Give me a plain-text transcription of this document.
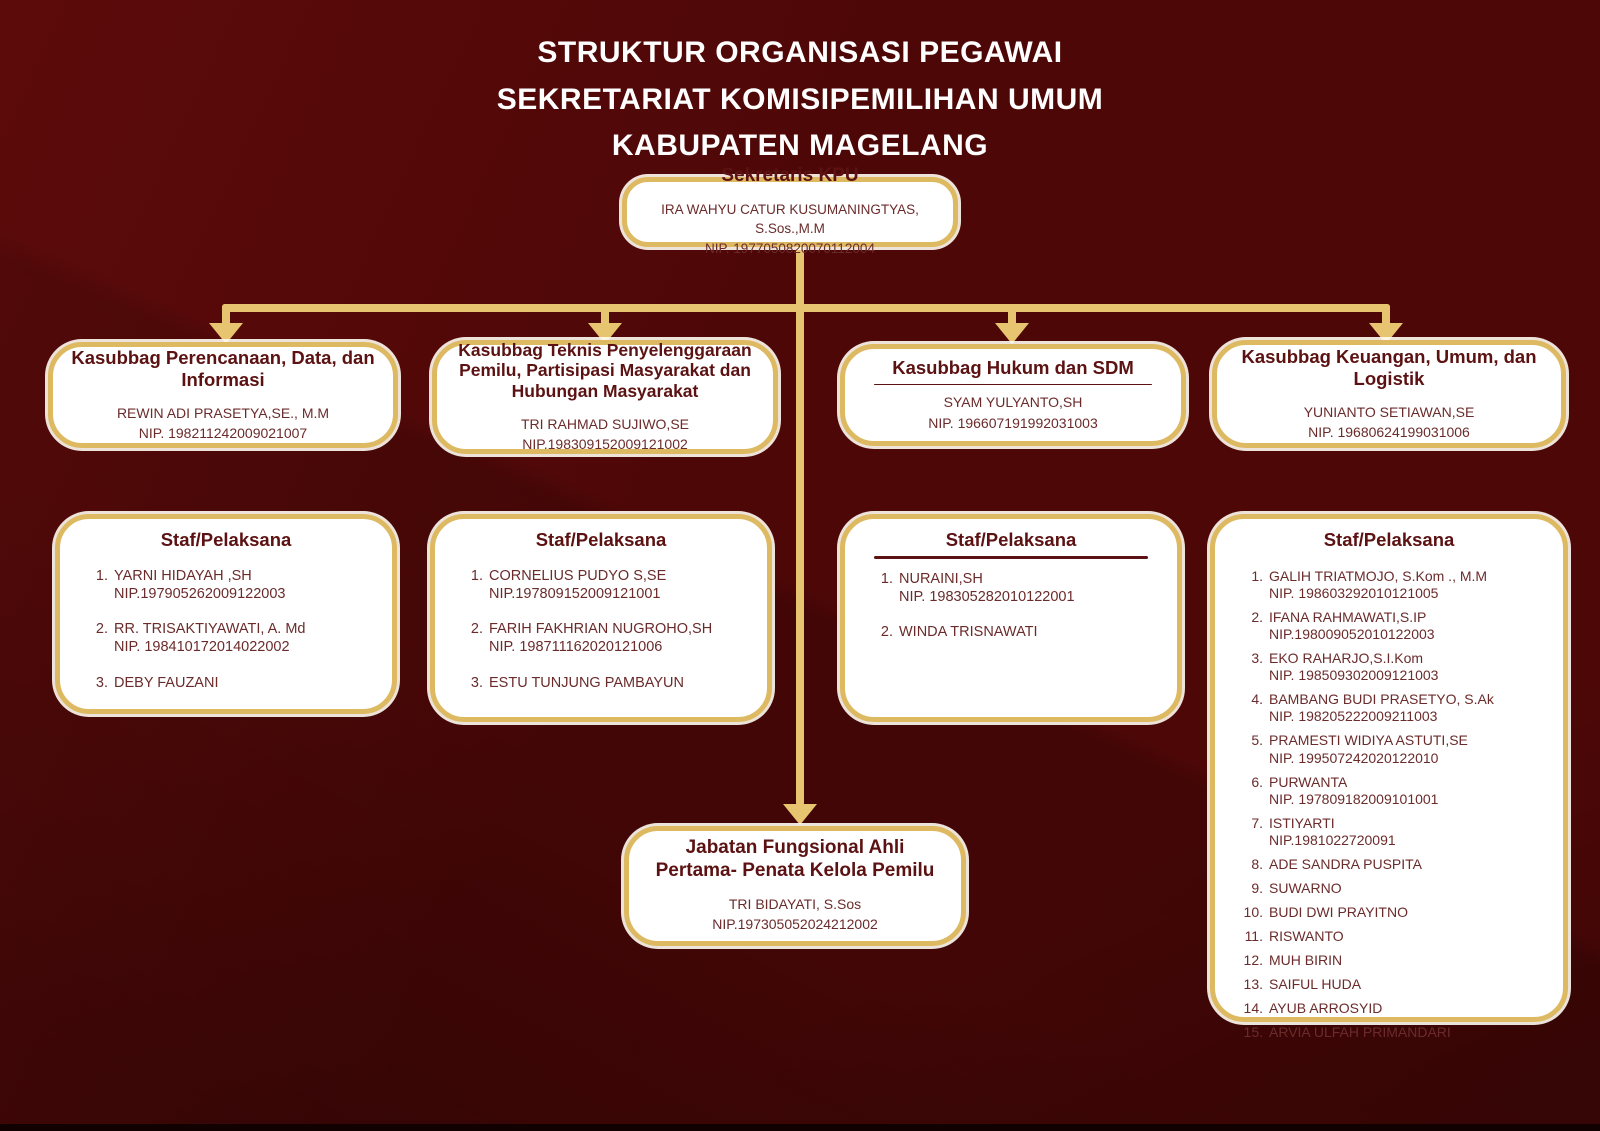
STRUKTUR ORGANISASI PEGAWAI
SEKRETARIAT KOMISIPEMILIHAN UMUM
KABUPATEN MAGELANG
Sekretaris KPU
IRA WAHYU CATUR KUSUMANINGTYAS, S.Sos.,M.M
NIP. 1977050820070112004
Kasubbag Perencanaan, Data, dan Informasi
REWIN ADI PRASETYA,SE., M.M
NIP. 198211242009021007
Kasubbag Teknis Penyelenggaraan Pemilu, Partisipasi Masyarakat dan Hubungan Masyarakat
TRI RAHMAD SUJIWO,SE
NIP.198309152009121002
Kasubbag Hukum dan SDM
SYAM YULYANTO,SH
NIP. 196607191992031003
Kasubbag Keuangan, Umum, dan Logistik
YUNIANTO SETIAWAN,SE
NIP. 19680624199031006
Staf/Pelaksana
1. YARNI HIDAYAH ,SH
NIP.197905262009122003
2. RR. TRISAKTIYAWATI, A. Md
NIP. 198410172014022002
3. DEBY FAUZANI
Staf/Pelaksana
1. CORNELIUS PUDYO S,SE
NIP.197809152009121001
2. FARIH FAKHRIAN NUGROHO,SH
NIP. 198711162020121006
3. ESTU TUNJUNG PAMBAYUN
Staf/Pelaksana
1. NURAINI,SH
NIP. 198305282010122001
2. WINDA TRISNAWATI
Staf/Pelaksana
1. GALIH TRIATMOJO, S.Kom ., M.M
NIP. 198603292010121005
2. IFANA RAHMAWATI,S.IP
NIP.198009052010122003
3. EKO RAHARJO,S.I.Kom
NIP. 198509302009121003
4. BAMBANG BUDI PRASETYO, S.Ak
NIP. 198205222009211003
5. PRAMESTI WIDIYA ASTUTI,SE
NIP. 199507242020122010
6. PURWANTA
NIP. 197809182009101001
7. ISTIYARTI
NIP.1981022720091
8. ADE SANDRA PUSPITA
9. SUWARNO
10. BUDI DWI PRAYITNO
11. RISWANTO
12. MUH BIRIN
13. SAIFUL HUDA
14. AYUB ARROSYID
15. ARVIA ULFAH PRIMANDARI
Jabatan Fungsional Ahli Pertama- Penata Kelola Pemilu
TRI BIDAYATI, S.Sos
NIP.197305052024212002
